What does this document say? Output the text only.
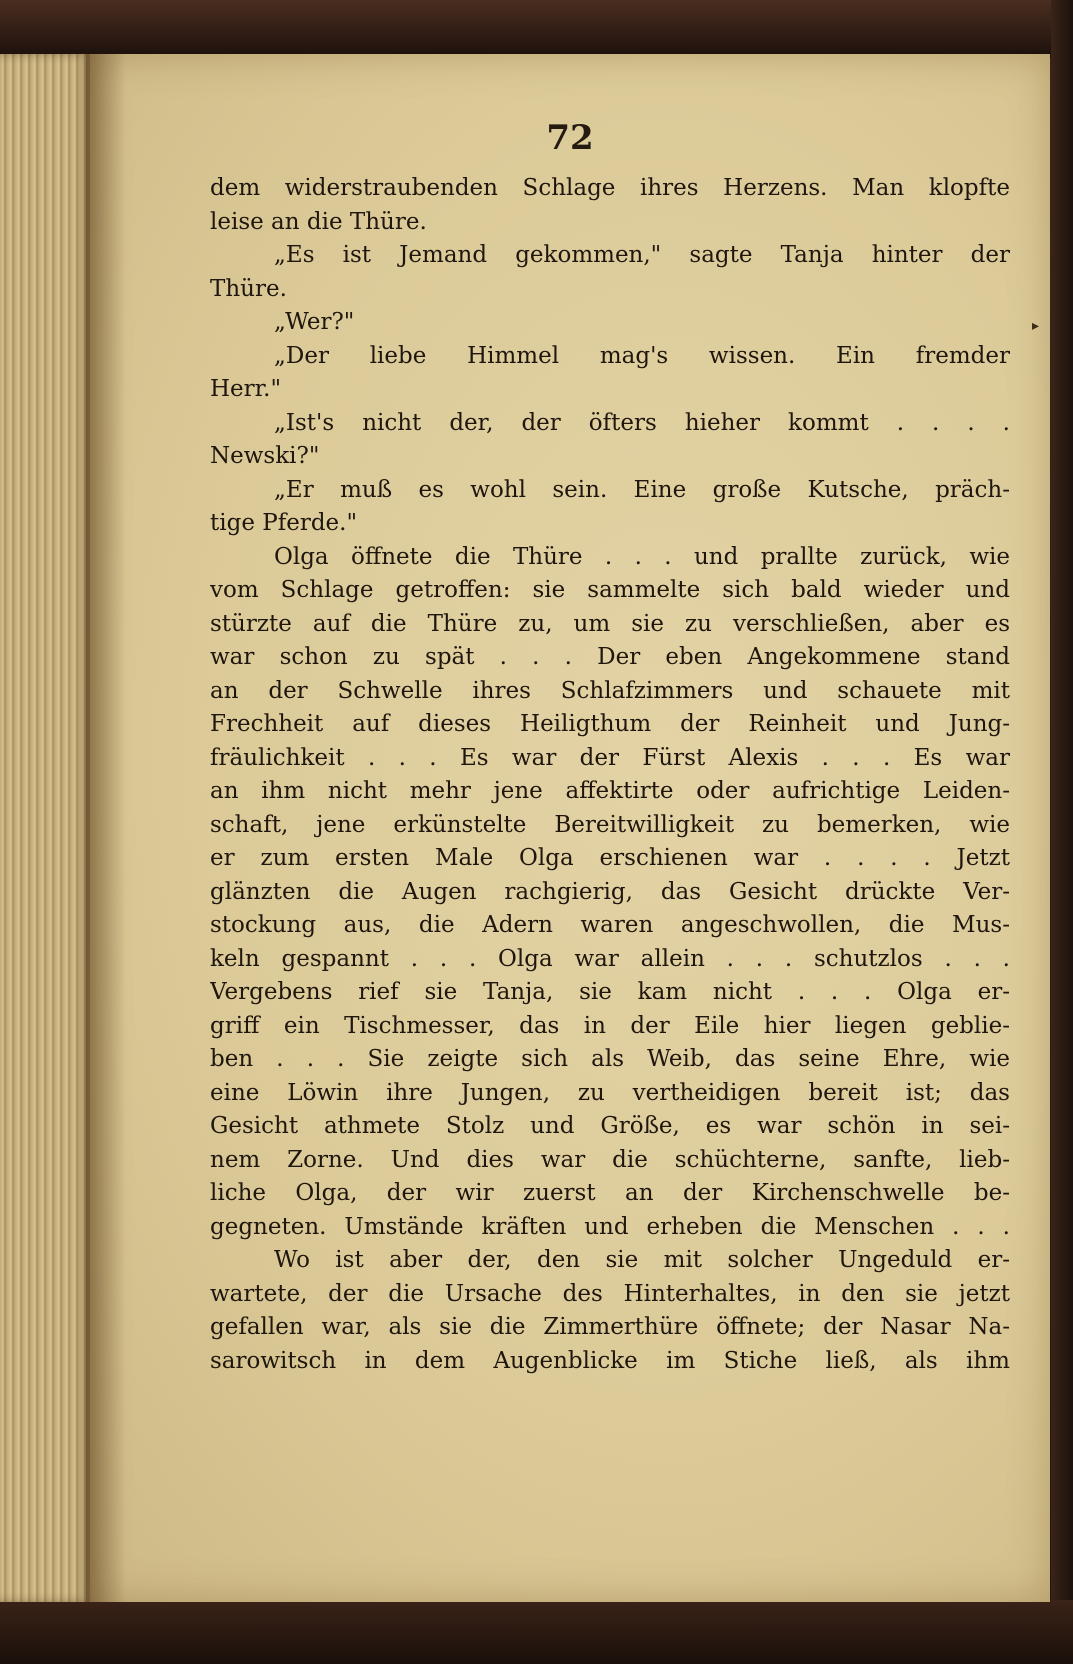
72
dem widerstraubenden Schlage ihres Herzens. Man klopfte
leise an die Thüre.
„Es ist Jemand gekommen," sagte Tanja hinter der
Thüre.
„Wer?"
„Der liebe Himmel mag's wissen. Ein fremder
Herr."
„Ist's nicht der, der öfters hieher kommt . . . .
Newski?"
„Er muß es wohl sein. Eine große Kutsche, präch-
tige Pferde."
Olga öffnete die Thüre . . . und prallte zurück, wie
vom Schlage getroffen: sie sammelte sich bald wieder und
stürzte auf die Thüre zu, um sie zu verschließen, aber es
war schon zu spät . . . Der eben Angekommene stand
an der Schwelle ihres Schlafzimmers und schauete mit
Frechheit auf dieses Heiligthum der Reinheit und Jung-
fräulichkeit . . . Es war der Fürst Alexis . . . Es war
an ihm nicht mehr jene affektirte oder aufrichtige Leiden-
schaft, jene erkünstelte Bereitwilligkeit zu bemerken, wie
er zum ersten Male Olga erschienen war . . . . Jetzt
glänzten die Augen rachgierig, das Gesicht drückte Ver-
stockung aus, die Adern waren angeschwollen, die Mus-
keln gespannt . . . Olga war allein . . . schutzlos . . .
Vergebens rief sie Tanja, sie kam nicht . . . Olga er-
griff ein Tischmesser, das in der Eile hier liegen geblie-
ben . . . Sie zeigte sich als Weib, das seine Ehre, wie
eine Löwin ihre Jungen, zu vertheidigen bereit ist; das
Gesicht athmete Stolz und Größe, es war schön in sei-
nem Zorne. Und dies war die schüchterne, sanfte, lieb-
liche Olga, der wir zuerst an der Kirchenschwelle be-
gegneten. Umstände kräften und erheben die Menschen . . .
Wo ist aber der, den sie mit solcher Ungeduld er-
wartete, der die Ursache des Hinterhaltes, in den sie jetzt
gefallen war, als sie die Zimmerthüre öffnete; der Nasar Na-
sarowitsch in dem Augenblicke im Stiche ließ, als ihm
▸
